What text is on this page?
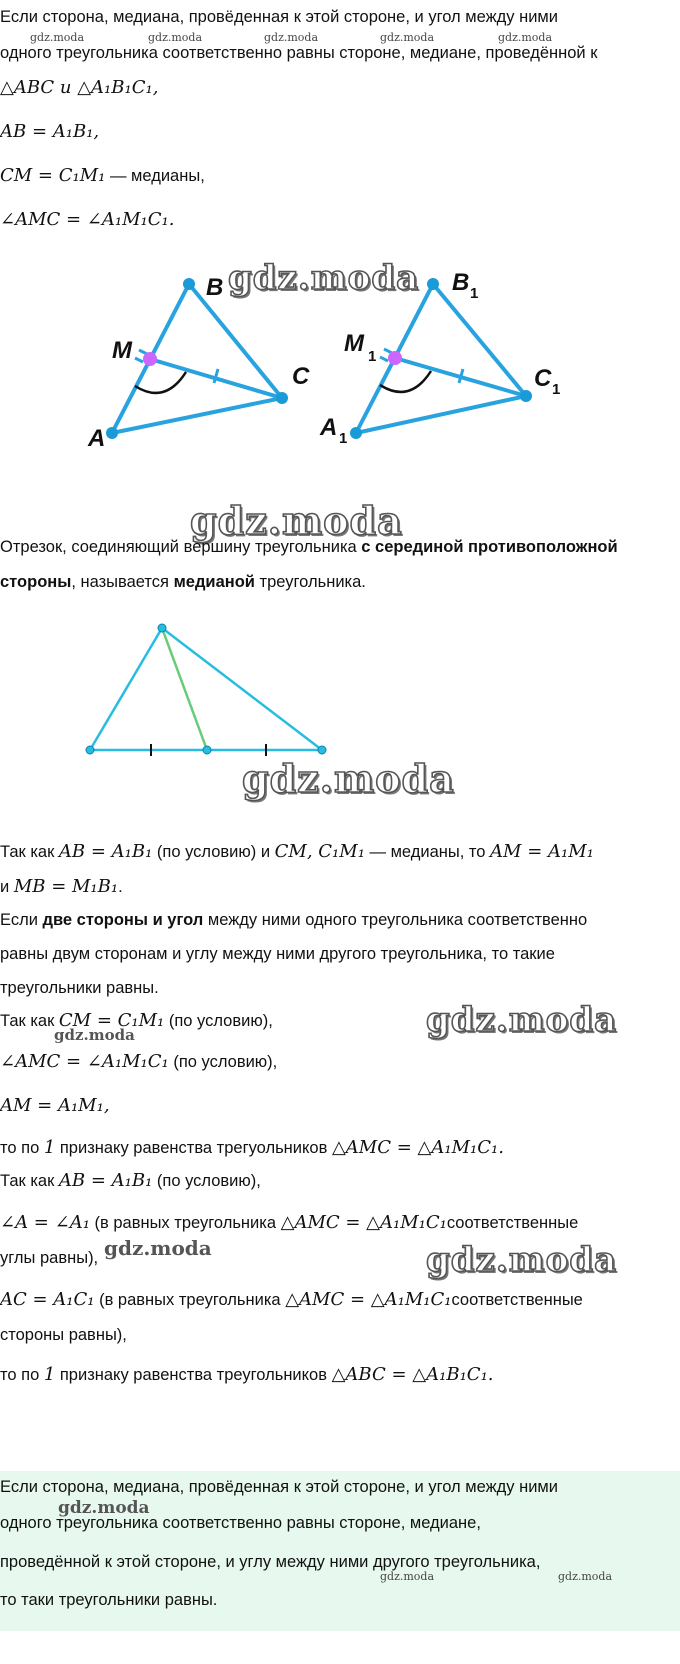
Если сторона, медиана, провёденная к этой стороне, и угол между ними
одного треугольника соответственно равны стороне, медиане, проведённой к
△ABC и △A₁B₁C₁,
AB = A₁B₁,
CM = C₁M₁ — медианы,
∠AMC = ∠A₁M₁C₁.
gdz.moda	gdz.moda	gdz.moda	gdz.moda	gdz.moda
B
M
C
A
B
M
C
A
1
1
1
1
gdz.moda
gdz.moda
Отрезок, соединяющий вершину треугольника с серединой противоположной
стороны, называется медианой треугольника.
gdz.moda
Так как AB = A₁B₁ (по условию) и CM, C₁M₁ — медианы, то AM = A₁M₁
и MB = M₁B₁.
Если две стороны и угол между ними одного треугольника соответственно
равны двум сторонам и углу между ними другого треугольника, то такие
треугольники равны.
Так как CM = C₁M₁ (по условию),
gdz.moda	gdz.moda
∠AMC = ∠A₁M₁C₁ (по условию),
AM = A₁M₁,
то по 1 признаку равенства трегуольников △AMC = △A₁M₁C₁.
Так как AB = A₁B₁ (по условию),
∠A = ∠A₁ (в равных треугольника △AMC = △A₁M₁C₁соответственные
углы равны), gdz.moda	gdz.moda
AC = A₁C₁ (в равных треугольника △AMC = △A₁M₁C₁соответственные
стороны равны),
то по 1 признаку равенства треугольников △ABC = △A₁B₁C₁.
Если сторона, медиана, провёденная к этой стороне, и угол между ними
gdz.moda
одного треугольника соответственно равны стороне, медиане,
проведённой к этой стороне, и углу между ними другого треугольника,
gdz.moda	gdz.moda
то таки треугольники равны.
